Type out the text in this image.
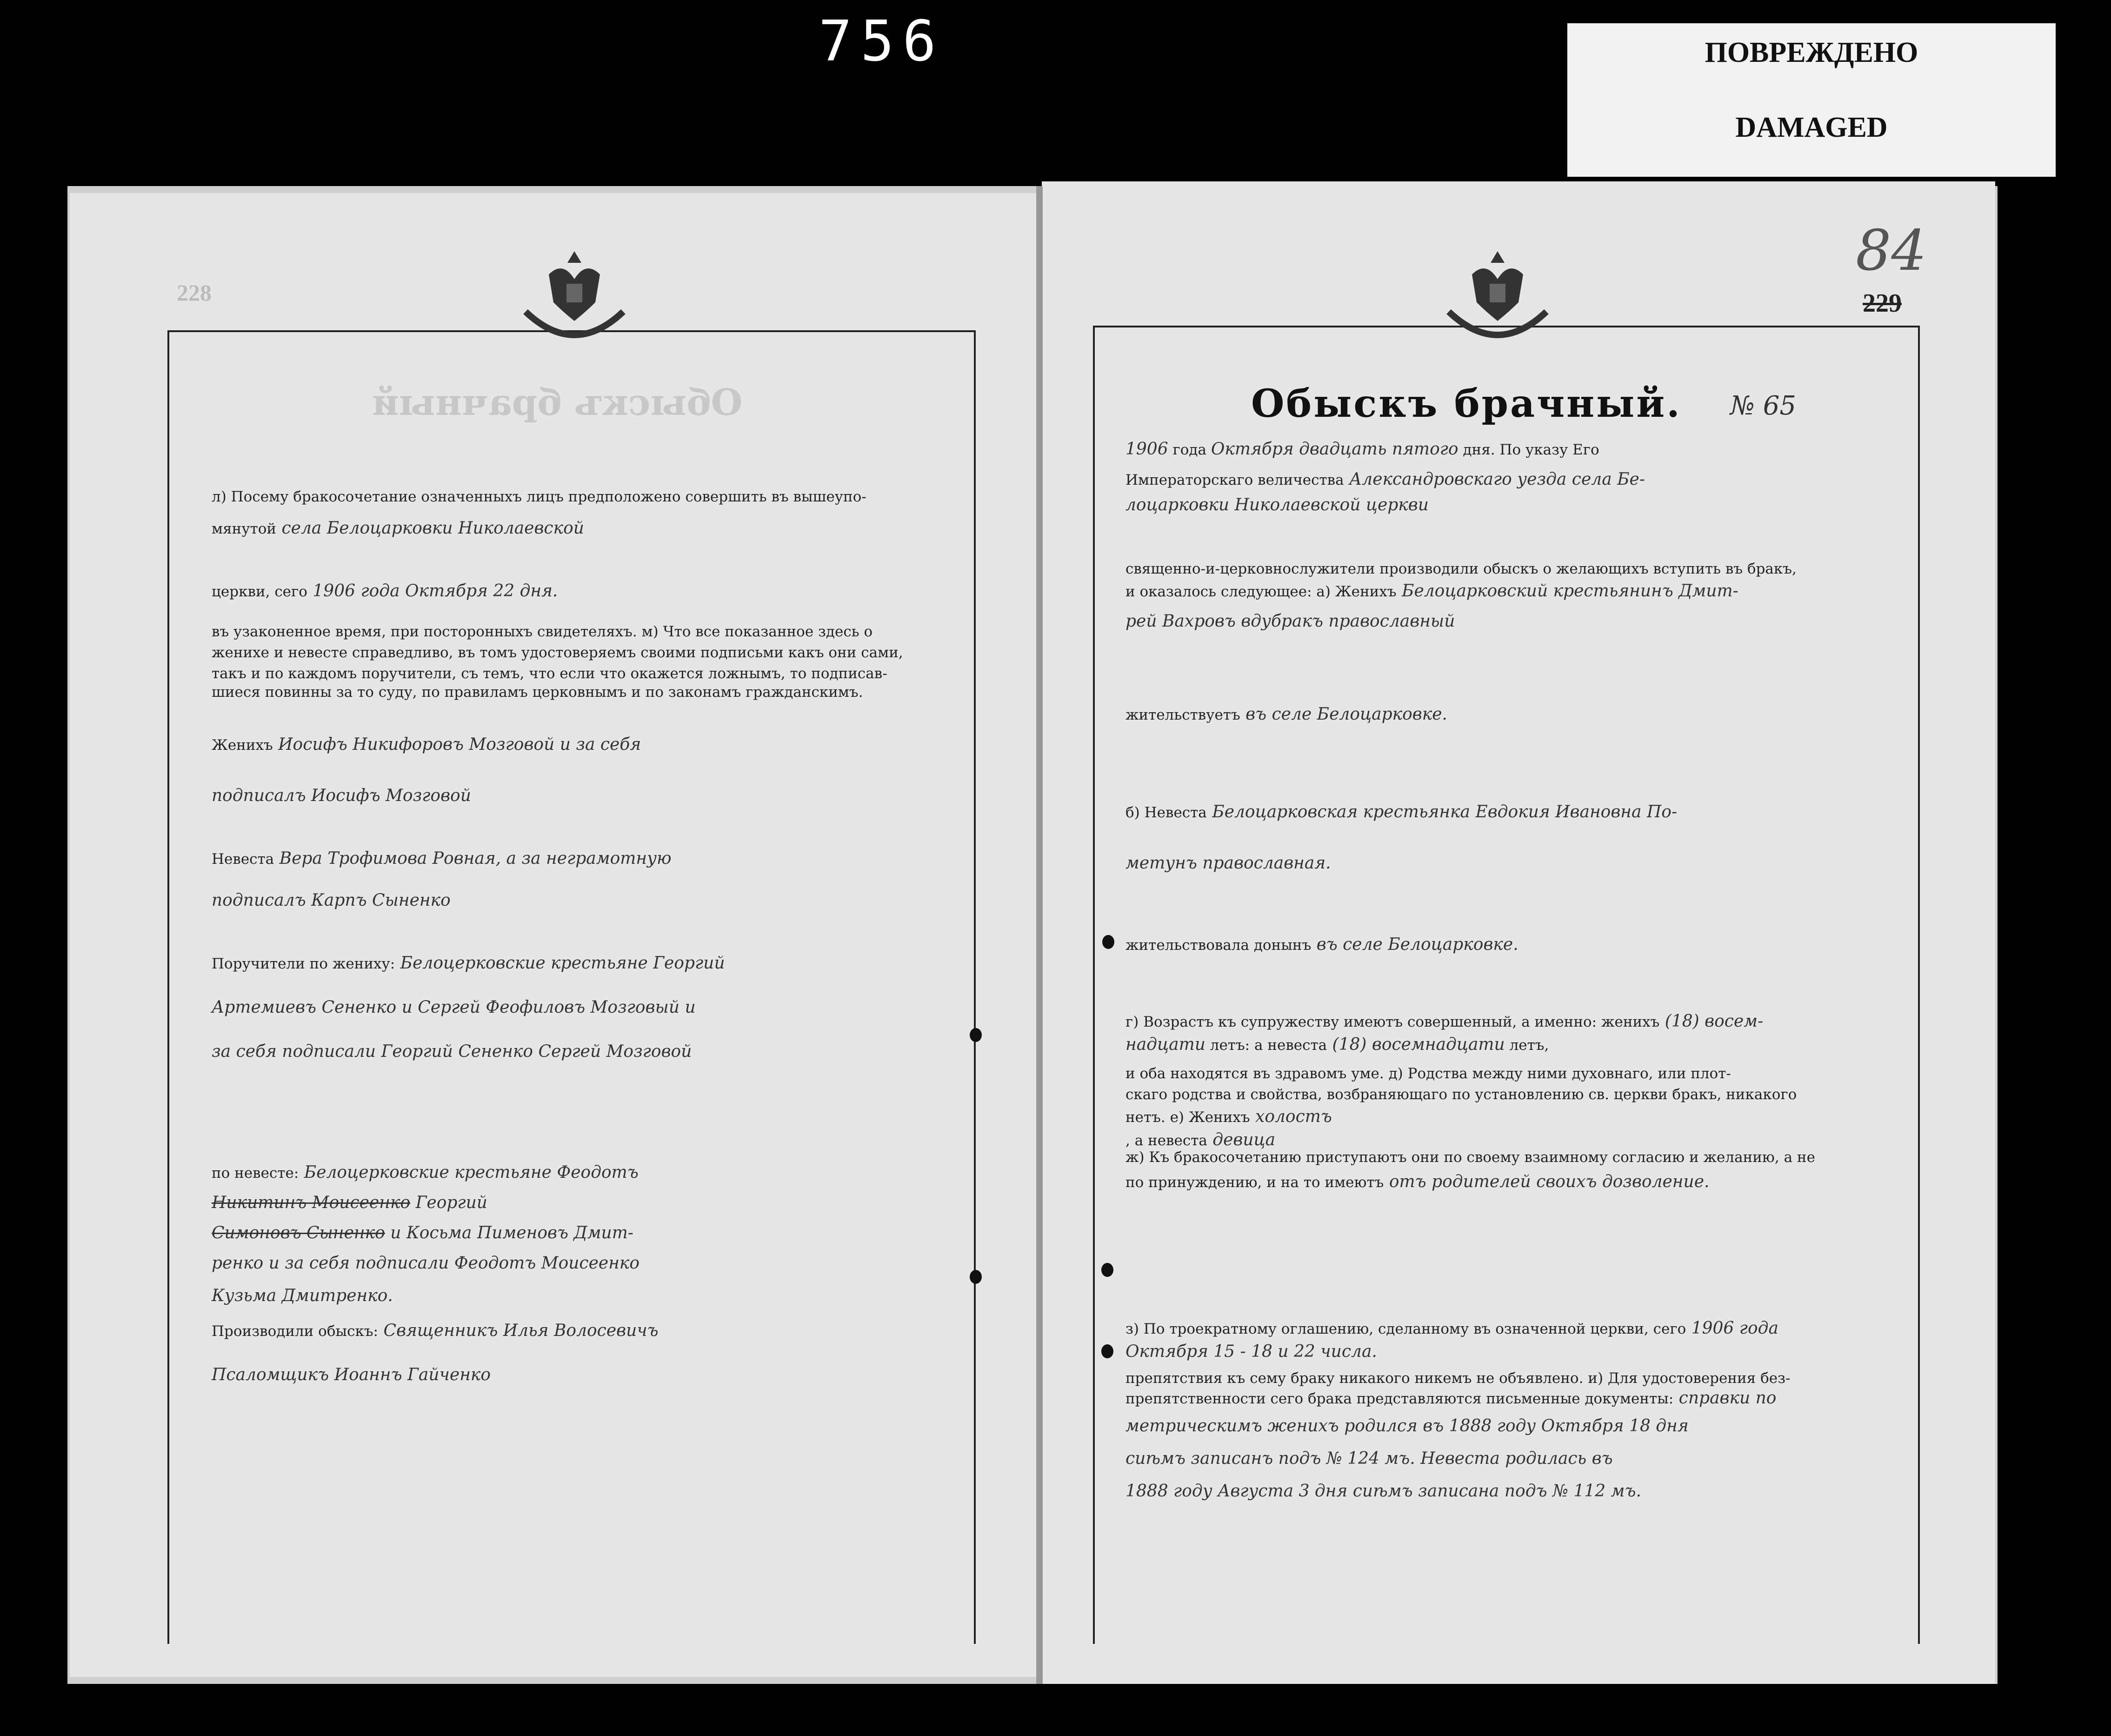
756	ПОВРЕЖДЕНО
DAMAGED
228
Обыскъ брачный
84
229
Обыскъ брачный. № 65
1906 года Октября двадцать пятого дня. По указу Его
Императорскаго величества Александровскаго уезда села Бе-
лоцарковки Николаевской церкви
священно-и-церковнослужители производили обыскъ о желающихъ вступить въ бракъ,
и оказалось следующее: а) Женихъ Белоцарковский крестьянинъ Дмит-
рей Вахровъ вдубракъ православный
жительствуетъ въ селе Белоцарковке.
б) Невеста Белоцарковская крестьянка Евдокия Ивановна По-
метунъ православная.
жительствовала донынъ въ селе Белоцарковке.
г) Возрастъ къ супружеству имеютъ совершенный, а именно: женихъ (18) восем-
надцати летъ: а невеста (18) восемнадцати летъ,
и оба находятся въ здравомъ уме. д) Родства между ними духовнаго, или плот-
скаго родства и свойства, возбраняющаго по установлению св. церкви бракъ, никакого
нетъ. е) Женихъ холостъ
, а невеста девица
ж) Къ бракосочетанию приступаютъ они по своему взаимному согласию и желанию, а не
по принуждению, и на то имеютъ отъ родителей своихъ дозволение.
з) По троекратному оглашению, сделанному въ означенной церкви, сего 1906 года
Октября 15 - 18 и 22 числа.
препятствия къ сему браку никакого никемъ не объявлено. и) Для удостоверения без-
препятственности сего брака представляются письменные документы: справки по
метрическимъ женихъ родился въ 1888 году Октября 18 дня
сиѣмъ записанъ подъ № 124 мъ. Невеста родилась въ
1888 году Августа 3 дня сиѣмъ записана подъ № 112 мъ.
л) Посему бракосочетание означенныхъ лицъ предположено совершить въ вышеупо-
мянутой села Белоцарковки Николаевской
церкви, сего 1906 года Октября 22 дня.
въ узаконенное время, при посторонныхъ свидетеляхъ. м) Что все показанное здесь о
женихе и невесте справедливо, въ томъ удостоверяемъ своими подписьми какъ они сами,
такъ и по каждомъ поручители, съ темъ, что если что окажется ложнымъ, то подписав-
шиеся повинны за то суду, по правиламъ церковнымъ и по законамъ гражданскимъ.
Женихъ Иосифъ Никифоровъ Мозговой и за себя
подписалъ Иосифъ Мозговой
Невеста Вера Трофимова Ровная, а за неграмотную
подписалъ Карпъ Сыненко
Поручители по жениху: Белоцерковские крестьяне Георгий
Артемиевъ Сененко и Сергей Феофиловъ Мозговый и
за себя подписали Георгий Сененко Сергей Мозговой
по невесте: Белоцерковские крестьяне Феодотъ
Никитинъ Моисеенко Георгий
Симоновъ Сыненко и Косьма Пименовъ Дмит-
ренко и за себя подписали Феодотъ Моисеенко
Кузьма Дмитренко.
Производили обыскъ: Священникъ Илья Волосевичъ
Псаломщикъ Иоаннъ Гайченко
